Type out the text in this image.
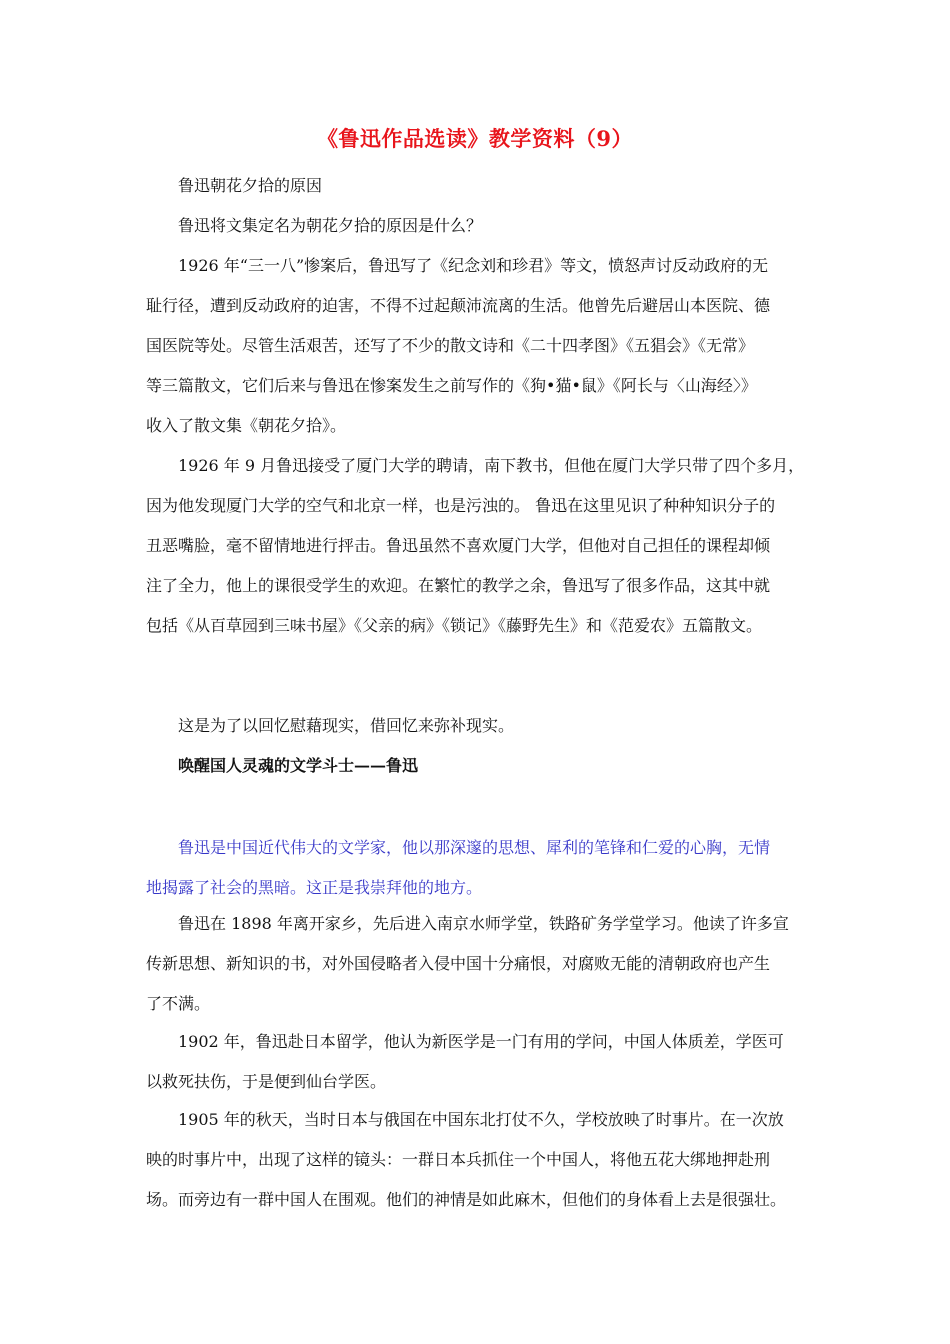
《鲁迅作品选读》教学资料（9）
鲁迅朝花夕拾的原因
鲁迅将文集定名为朝花夕拾的原因是什么？
1926 年“三一八”惨案后，鲁迅写了《纪念刘和珍君》等文，愤怒声讨反动政府的无
耻行径，遭到反动政府的迫害，不得不过起颠沛流离的生活。他曾先后避居山本医院、德
国医院等处。尽管生活艰苦，还写了不少的散文诗和《二十四孝图》《五猖会》《无常》
等三篇散文，它们后来与鲁迅在惨案发生之前写作的《狗•猫•鼠》《阿长与〈山海经〉》
收入了散文集《朝花夕拾》。
1926 年 9 月鲁迅接受了厦门大学的聘请，南下教书，但他在厦门大学只带了四个多月，
因为他发现厦门大学的空气和北京一样，也是污浊的。 鲁迅在这里见识了种种知识分子的
丑恶嘴脸，毫不留情地进行抨击。鲁迅虽然不喜欢厦门大学，但他对自己担任的课程却倾
注了全力，他上的课很受学生的欢迎。在繁忙的教学之余，鲁迅写了很多作品，这其中就
包括《从百草园到三味书屋》《父亲的病》《锁记》《藤野先生》和《范爱农》五篇散文。
这是为了以回忆慰藉现实，借回忆来弥补现实。
唤醒国人灵魂的文学斗士——鲁迅
鲁迅是中国近代伟大的文学家，他以那深邃的思想、犀利的笔锋和仁爱的心胸，无情
地揭露了社会的黑暗。这正是我崇拜他的地方。
鲁迅在 1898 年离开家乡，先后进入南京水师学堂，铁路矿务学堂学习。他读了许多宣
传新思想、新知识的书，对外国侵略者入侵中国十分痛恨，对腐败无能的清朝政府也产生
了不满。
1902 年，鲁迅赴日本留学，他认为新医学是一门有用的学问，中国人体质差，学医可
以救死扶伤，于是便到仙台学医。
1905 年的秋天，当时日本与俄国在中国东北打仗不久，学校放映了时事片。在一次放
映的时事片中，出现了这样的镜头：一群日本兵抓住一个中国人，将他五花大绑地押赴刑
场。而旁边有一群中国人在围观。他们的神情是如此麻木，但他们的身体看上去是很强壮。
